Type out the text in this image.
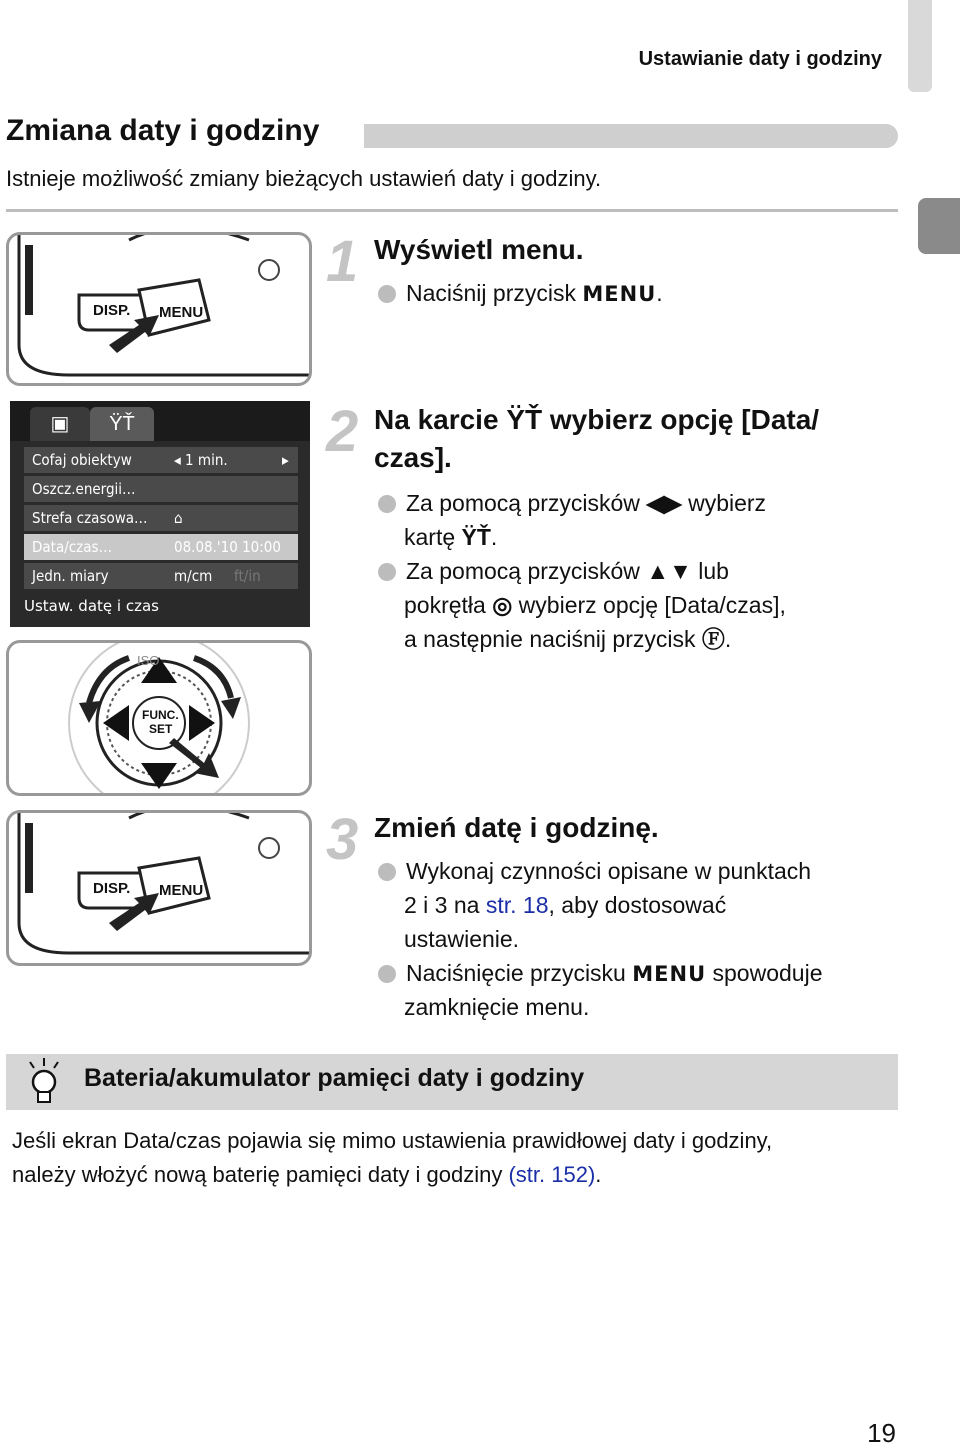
Ustawianie daty i godziny
Zmiana daty i godziny
Istnieje możliwość zmiany bieżących ustawień daty i godziny.
DISP. MENU
1 Wyświetl menu.
Naciśnij przycisk MENU.
▣	ŸŤ
Cofaj obiektyw	◂ 1 min.	▸
Oszcz.energii…
Strefa czasowa… ⌂
Data/czas…	08.08.'10 10:00
Jedn. miary	m/cm ft/in
Ustaw. datę i czas
FUNC.
SET
ISO
2 Na karcie ŸŤ wybierz opcję [Data/
czas].
Za pomocą przycisków ◀▶ wybierz
kartę ŸŤ.
Za pomocą przycisków ▲▼ lub
pokrętła ◎ wybierz opcję [Data/czas],
a następnie naciśnij przycisk Ⓕ.
DISP. MENU
3 Zmień datę i godzinę.
Wykonaj czynności opisane w punktach
2 i 3 na str. 18, aby dostosować
ustawienie.
Naciśnięcie przycisku MENU spowoduje
zamknięcie menu.
Bateria/akumulator pamięci daty i godziny
Jeśli ekran Data/czas pojawia się mimo ustawienia prawidłowej daty i godziny,
należy włożyć nową baterię pamięci daty i godziny (str. 152).
19
